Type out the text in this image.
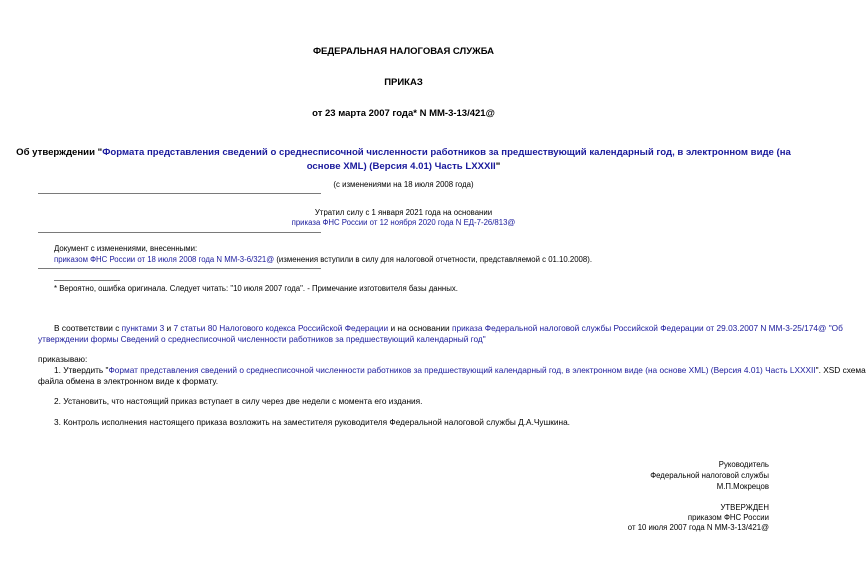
ФЕДЕРАЛЬНАЯ НАЛОГОВАЯ СЛУЖБА
ПРИКАЗ
от 23 марта 2007 года* N ММ-3-13/421@
Об утверждении "Формата представления сведений о среднесписочной численности работников за предшествующий календарный год, в электронном виде (на
основе XML) (Версия 4.01) Часть LXXXII"
(с изменениями на 18 июля 2008 года)
Утратил силу с 1 января 2021 года на основании
приказа ФНС России от 12 ноября 2020 года N ЕД-7-26/813@
Документ с изменениями, внесенными:
приказом ФНС России от 18 июля 2008 года N ММ-3-6/321@ (изменения вступили в силу для налоговой отчетности, представляемой с 01.10.2008).
* Вероятно, ошибка оригинала. Следует читать: "10 июля 2007 года". - Примечание изготовителя базы данных.
В соответствии с пунктами 3 и 7 статьи 80 Налогового кодекса Российской Федерации и на основании приказа Федеральной налоговой службы Российской Федерации от 29.03.2007 N ММ-3-25/174@ "Об
утверждении формы Сведений о среднесписочной численности работников за предшествующий календарный год"
приказываю:
1. Утвердить "Формат представления сведений о среднесписочной численности работников за предшествующий календарный год, в электронном виде (на основе XML) (Версия 4.01) Часть LXXXII". XSD схема
файла обмена в электронном виде к формату.
2. Установить, что настоящий приказ вступает в силу через две недели с момента его издания.
3. Контроль исполнения настоящего приказа возложить на заместителя руководителя Федеральной налоговой службы Д.А.Чушкина.
Руководитель
Федеральной налоговой службы
М.П.Мокрецов
УТВЕРЖДЕН
приказом ФНС России
от 10 июля 2007 года N ММ-3-13/421@
